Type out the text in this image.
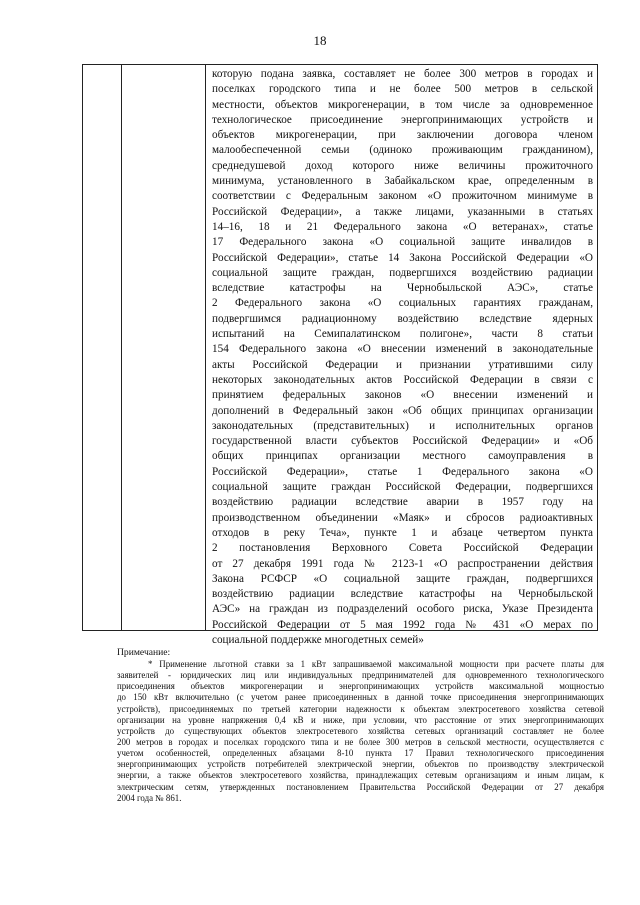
18
которую подана заявка, составляет не более 300 метров в городах и
поселках городского типа и не более 500 метров в сельской
местности, объектов микрогенерации, в том числе за одновременное
технологическое присоединение энергопринимающих устройств и
объектов микрогенерации, при заключении договора членом
малообеспеченной семьи (одиноко проживающим гражданином),
среднедушевой доход которого ниже величины прожиточного
минимума, установленного в Забайкальском крае, определенным в
соответствии с Федеральным законом «О прожиточном минимуме в
Российской Федерации», а также лицами, указанными в статьях
14–16, 18 и 21 Федерального закона «О ветеранах», статье
17 Федерального закона «О социальной защите инвалидов в
Российской Федерации», статье 14 Закона Российской Федерации «О
социальной защите граждан, подвергшихся воздействию радиации
вследствие катастрофы на Чернобыльской АЭС», статье
2 Федерального закона «О социальных гарантиях гражданам,
подвергшимся радиационному воздействию вследствие ядерных
испытаний на Семипалатинском полигоне», части 8 статьи
154 Федерального закона «О внесении изменений в законодательные
акты Российской Федерации и признании утратившими силу
некоторых законодательных актов Российской Федерации в связи с
принятием федеральных законов «О внесении изменений и
дополнений в Федеральный закон «Об общих принципах организации
законодательных (представительных) и исполнительных органов
государственной власти субъектов Российской Федерации» и «Об
общих принципах организации местного самоуправления в
Российской Федерации», статье 1 Федерального закона «О
социальной защите граждан Российской Федерации, подвергшихся
воздействию радиации вследствие аварии в 1957 году на
производственном объединении «Маяк» и сбросов радиоактивных
отходов в реку Теча», пункте 1 и абзаце четвертом пункта
2 постановления Верховного Совета Российской Федерации
от 27 декабря 1991 года № 2123-1 «О распространении действия
Закона РСФСР «О социальной защите граждан, подвергшихся
воздействию радиации вследствие катастрофы на Чернобыльской
АЭС» на граждан из подразделений особого риска, Указе Президента
Российской Федерации от 5 мая 1992 года № 431 «О мерах по
социальной поддержке многодетных семей»
Примечание:
* Применение льготной ставки за 1 кВт запрашиваемой максимальной мощности при расчете платы для
заявителей - юридических лиц или индивидуальных предпринимателей для одновременного технологического
присоединения объектов микрогенерации и энергопринимающих устройств максимальной мощностью
до 150 кВт включительно (с учетом ранее присоединенных в данной точке присоединения энергопринимающих
устройств), присоединяемых по третьей категории надежности к объектам электросетевого хозяйства сетевой
организации на уровне напряжения 0,4 кВ и ниже, при условии, что расстояние от этих энергопринимающих
устройств до существующих объектов электросетевого хозяйства сетевых организаций составляет не более
200 метров в городах и поселках городского типа и не более 300 метров в сельской местности, осуществляется с
учетом особенностей, определенных абзацами 8-10 пункта 17 Правил технологического присоединения
энергопринимающих устройств потребителей электрической энергии, объектов по производству электрической
энергии, а также объектов электросетевого хозяйства, принадлежащих сетевым организациям и иным лицам, к
электрическим сетям, утвержденных постановлением Правительства Российской Федерации от 27 декабря
2004 года № 861.
